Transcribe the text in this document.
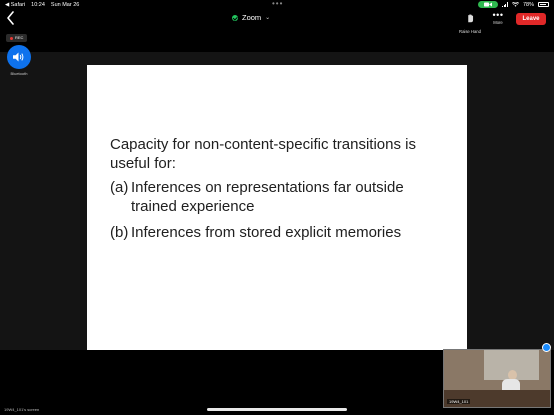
◀ Safari 10:24 Sun Mar 26	•••	78%
Zoom ⌄
Raise Hand
•••
More
Leave
REC
Bluetooth
Capacity for non-content-specific transitions is useful for:
(a) Inferences on representations far outside trained experience
(b) Inferences from stored explicit memories
19W4_101
19W4_101's screen
